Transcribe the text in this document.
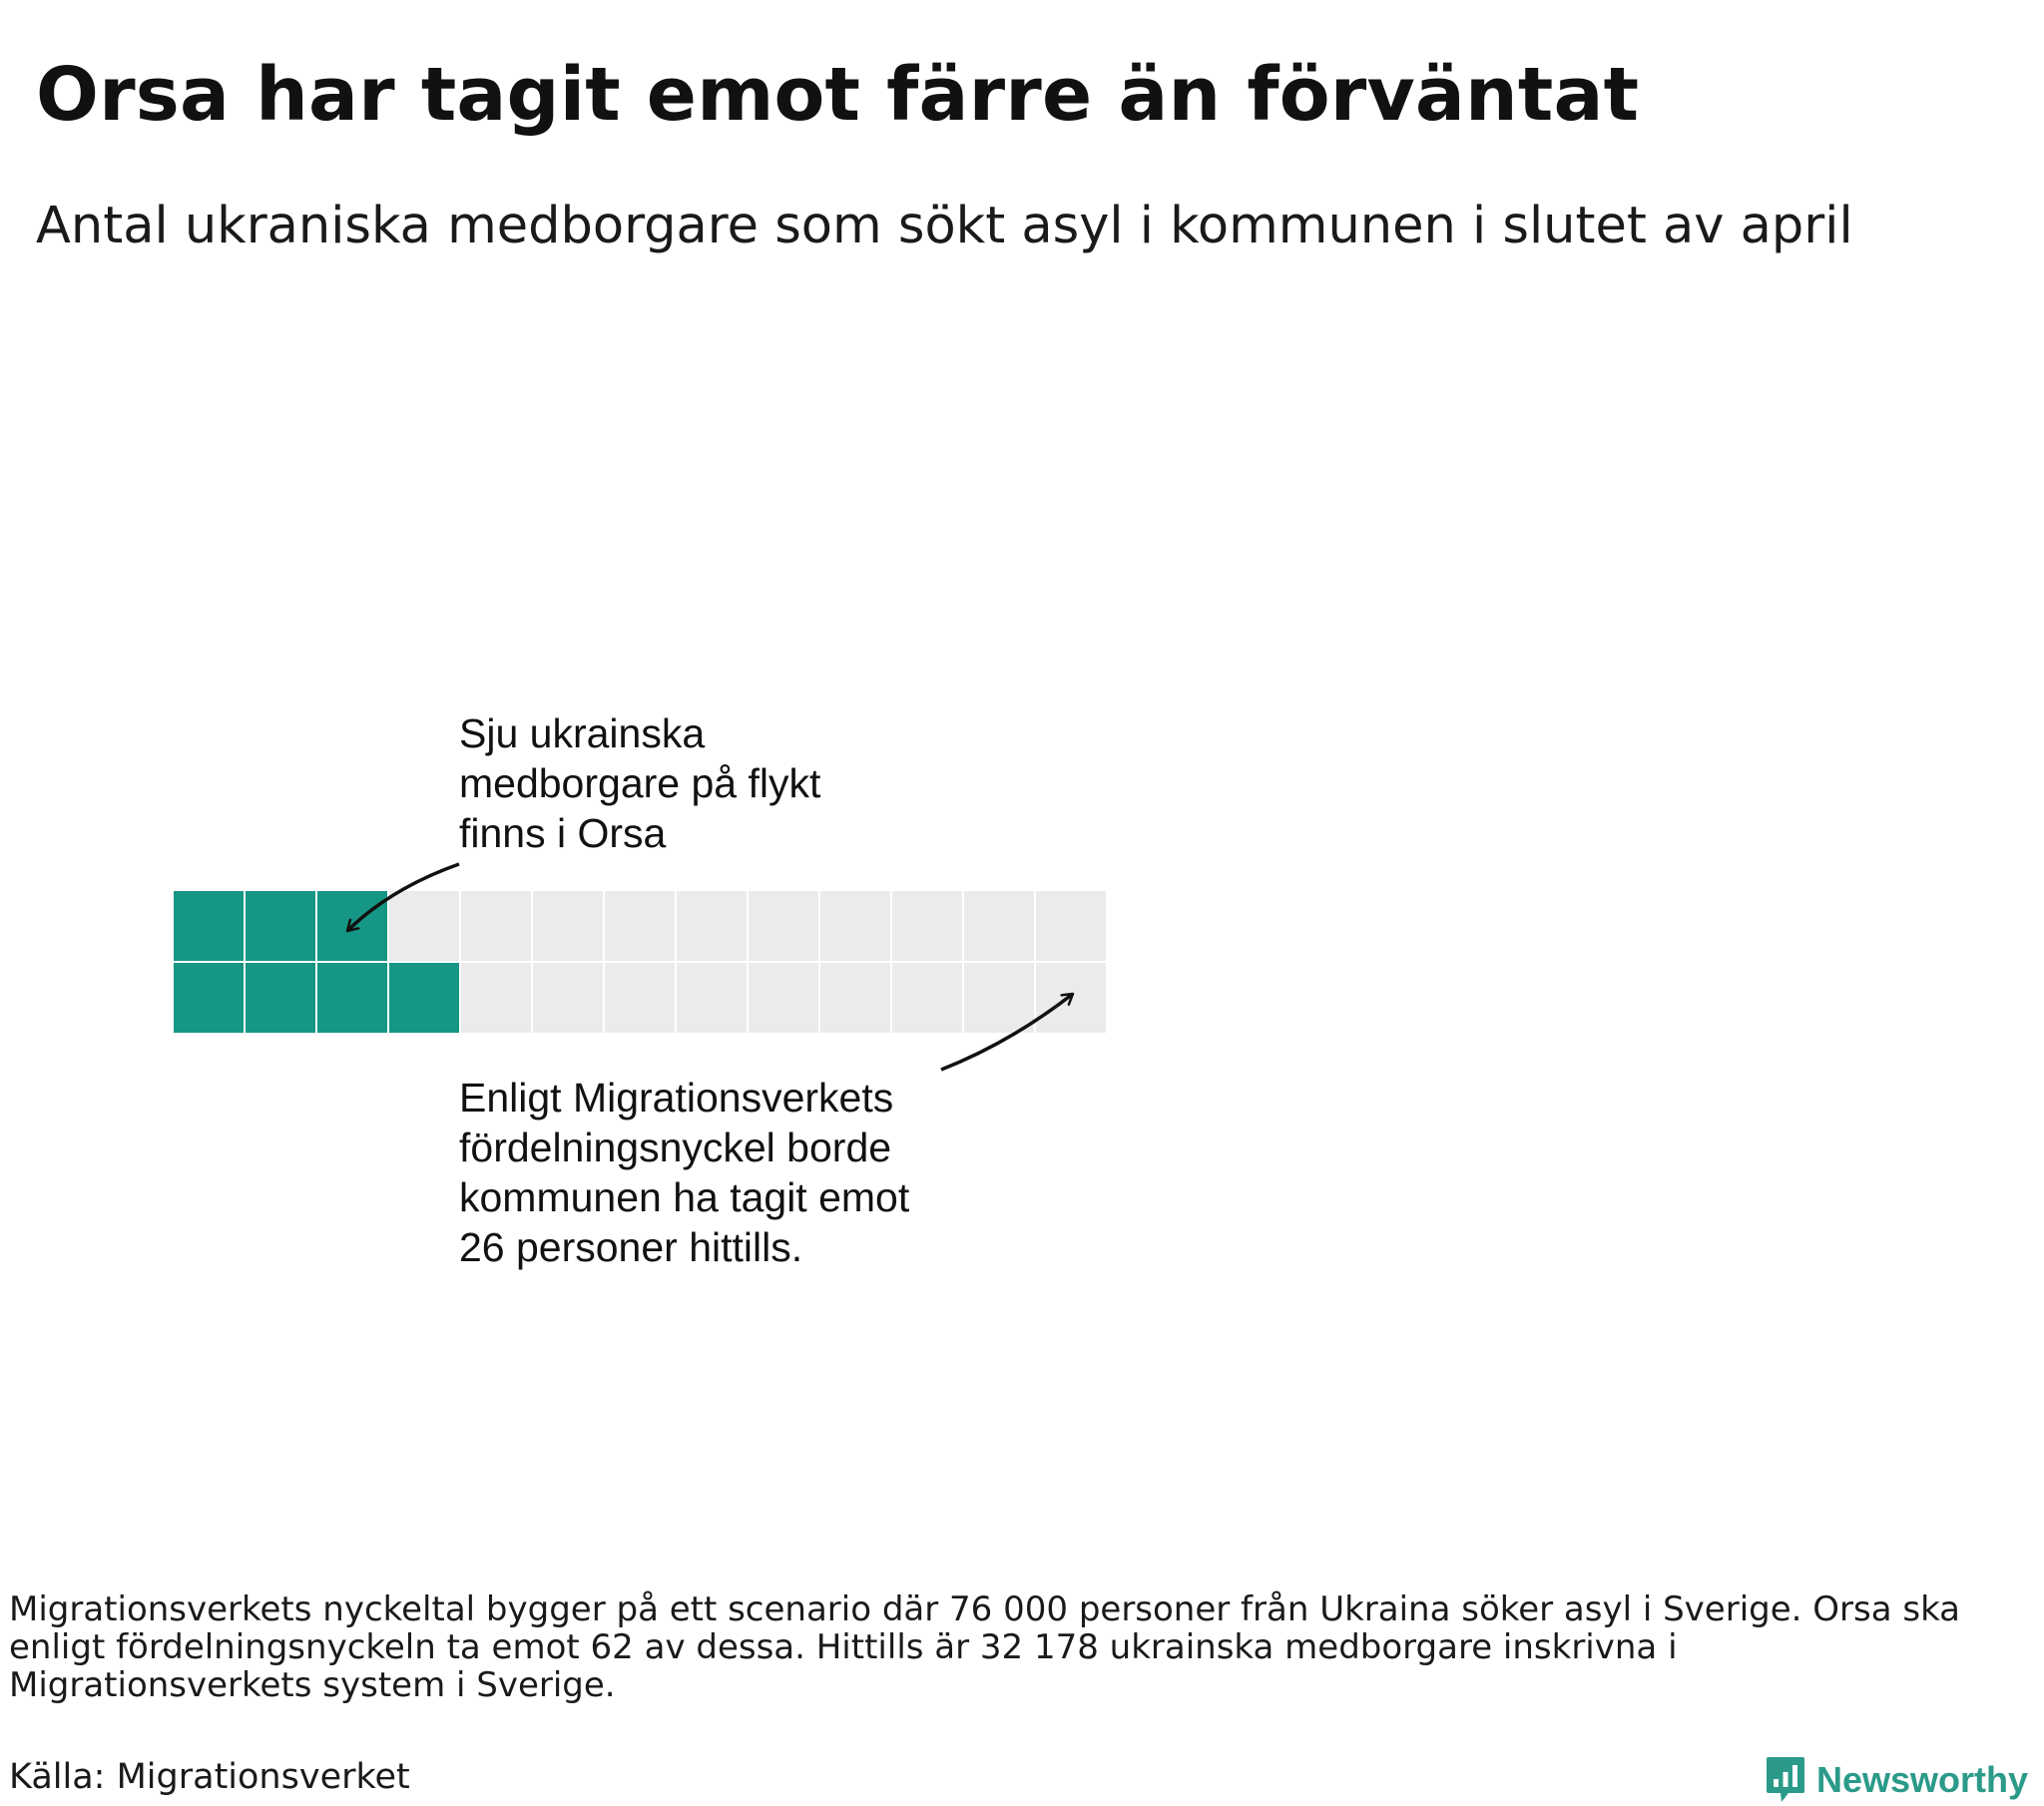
Orsa har tagit emot färre än förväntat

Antal ukraniska medborgare som sökt asyl i kommunen i slutet av april

Sju ukrainska
medborgare på flykt
finns i Orsa

Enligt Migrationsverkets
fördelningsnyckel borde
kommunen ha tagit emot
26 personer hittills.

Migrationsverkets nyckeltal bygger på ett scenario där 76 000 personer från Ukraina söker asyl i Sverige. Orsa ska enligt fördelningsnyckeln ta emot 62 av dessa. Hittills är 32 178 ukrainska medborgare inskrivna i Migrationsverkets system i Sverige.

Källa: Migrationsverket	Newsworthy
